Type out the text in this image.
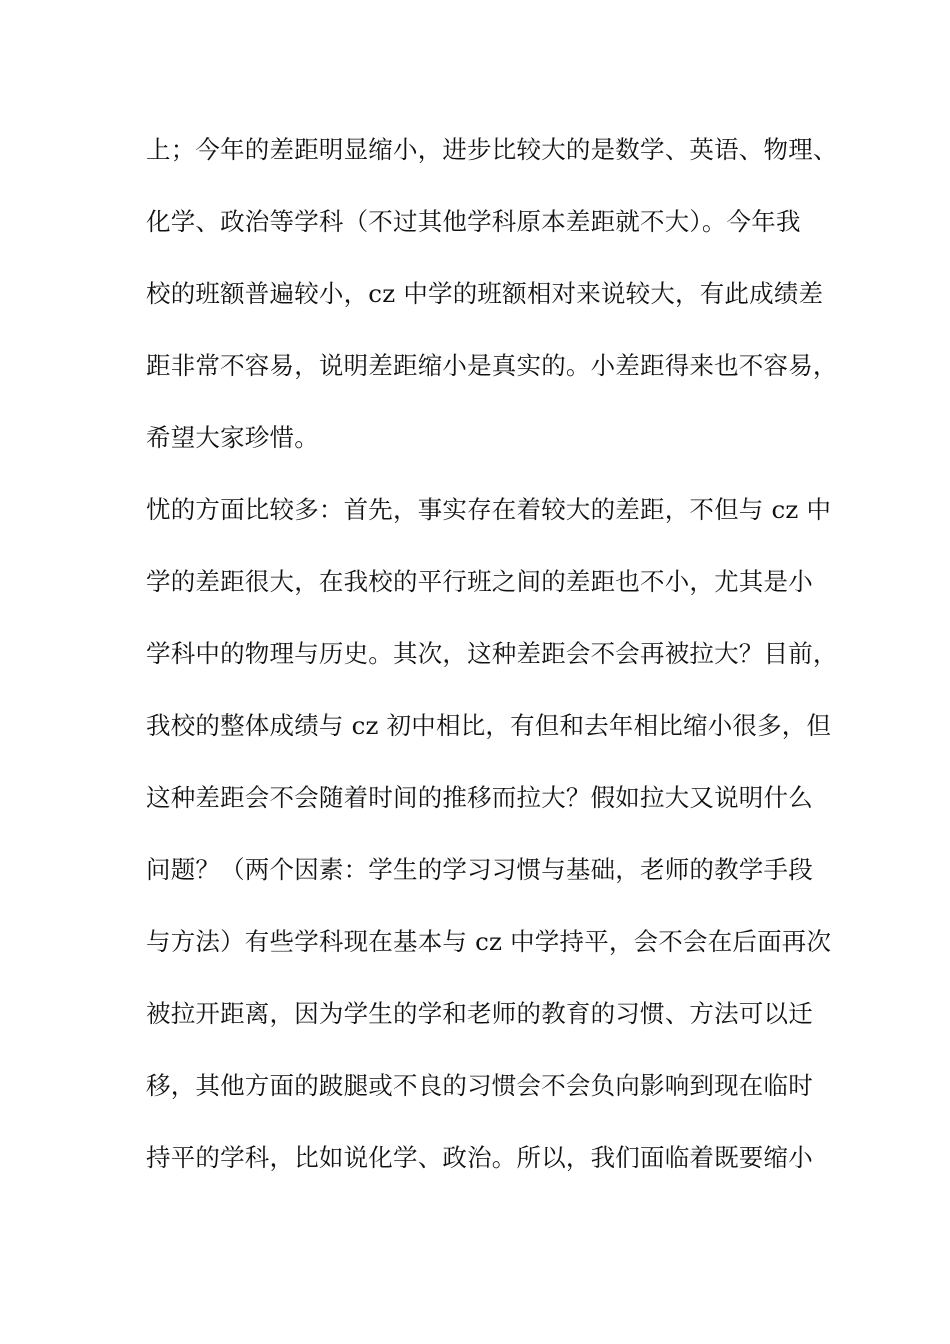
上；今年的差距明显缩小，进步比较大的是数学、英语、物理、
化学、政治等学科（不过其他学科原本差距就不大）。今年我
校的班额普遍较小，cz 中学的班额相对来说较大，有此成绩差
距非常不容易，说明差距缩小是真实的。小差距得来也不容易，
希望大家珍惜。
忧的方面比较多：首先，事实存在着较大的差距，不但与 cz 中
学的差距很大，在我校的平行班之间的差距也不小，尤其是小
学科中的物理与历史。其次，这种差距会不会再被拉大？目前，
我校的整体成绩与 cz 初中相比，有但和去年相比缩小很多，但
这种差距会不会随着时间的推移而拉大？假如拉大又说明什么
问题？（两个因素：学生的学习习惯与基础，老师的教学手段
与方法）有些学科现在基本与 cz 中学持平，会不会在后面再次
被拉开距离，因为学生的学和老师的教育的习惯、方法可以迁
移，其他方面的跛腿或不良的习惯会不会负向影响到现在临时
持平的学科，比如说化学、政治。所以，我们面临着既要缩小
